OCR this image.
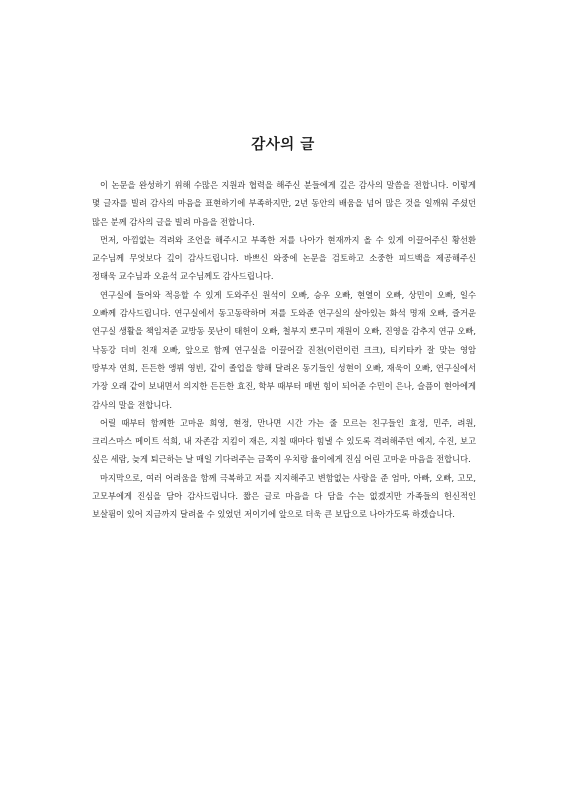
감사의 글

이 논문을 완성하기 위해 수많은 지원과 협력을 해주신 분들에게 깊은 감사의 말씀을 전합니다. 이렇게 몇 글자를 빌려 감사의 마음을 표현하기에 부족하지만, 2년 동안의 배움을 넘어 많은 것을 일깨워 주셨던 많은 분께 감사의 글을 빌려 마음을 전합니다.

먼저, 아낌없는 격려와 조언을 해주시고 부족한 저를 나아가 현재까지 올 수 있게 이끌어주신 황선환 교수님께 무엇보다 깊이 감사드립니다. 바쁘신 와중에 논문을 검토하고 소중한 피드백을 제공해주신 정태욱 교수님과 오윤석 교수님께도 감사드립니다.

연구실에 들어와 적응할 수 있게 도와주신 원석이 오빠, 승우 오빠, 현열이 오빠, 상민이 오빠, 일수 오빠께 감사드립니다. 연구실에서 동고동락하며 저를 도와준 연구실의 살아있는 화석 명재 오빠, 즐거운 연구실 생활을 책임져준 교방동 못난이 태헌이 오빠, 철부지 뽀구미 재원이 오빠, 진영을 감추지 연규 오빠, 낙동강 더비 친재 오빠, 앞으로 함께 연구실을 이끌어갈 진천(이런이런 크크), 티키타카 잘 맞는 영암 땅부자 연희, 든든한 앵뷔 영빈, 같이 졸업을 향해 달려온 동기들인 성현이 오빠, 재욱이 오빠, 연구실에서 가장 오래 같이 보내면서 의지한 든든한 효진, 학부 때부터 매번 힘이 되어준 수민이 은나, 슬픔이 현아에게 감사의 말을 전합니다.

어릴 때부터 함께한 고마운 희영, 현정, 만나면 시간 가는 줄 모르는 친구들인 효정, 민주, 려원, 크리스마스 메이트 석희, 내 자존감 지킴이 재은, 지칠 때마다 힘낼 수 있도록 격려해주던 예지, 수진, 보고 싶은 세람, 늦게 퇴근하는 날 매일 기다려주는 금쪽이 우치랑 율이에게 진심 어린 고마운 마음을 전합니다.

마지막으로, 여러 어려움을 함께 극복하고 저를 지지해주고 변함없는 사랑을 준 엄마, 아빠, 오빠, 고모, 고모부에게 진심을 담아 감사드립니다. 짧은 글로 마음을 다 담을 수는 없겠지만 가족들의 헌신적인 보살핌이 있어 지금까지 달려올 수 있었던 저이기에 앞으로 더욱 큰 보답으로 나아가도록 하겠습니다.
